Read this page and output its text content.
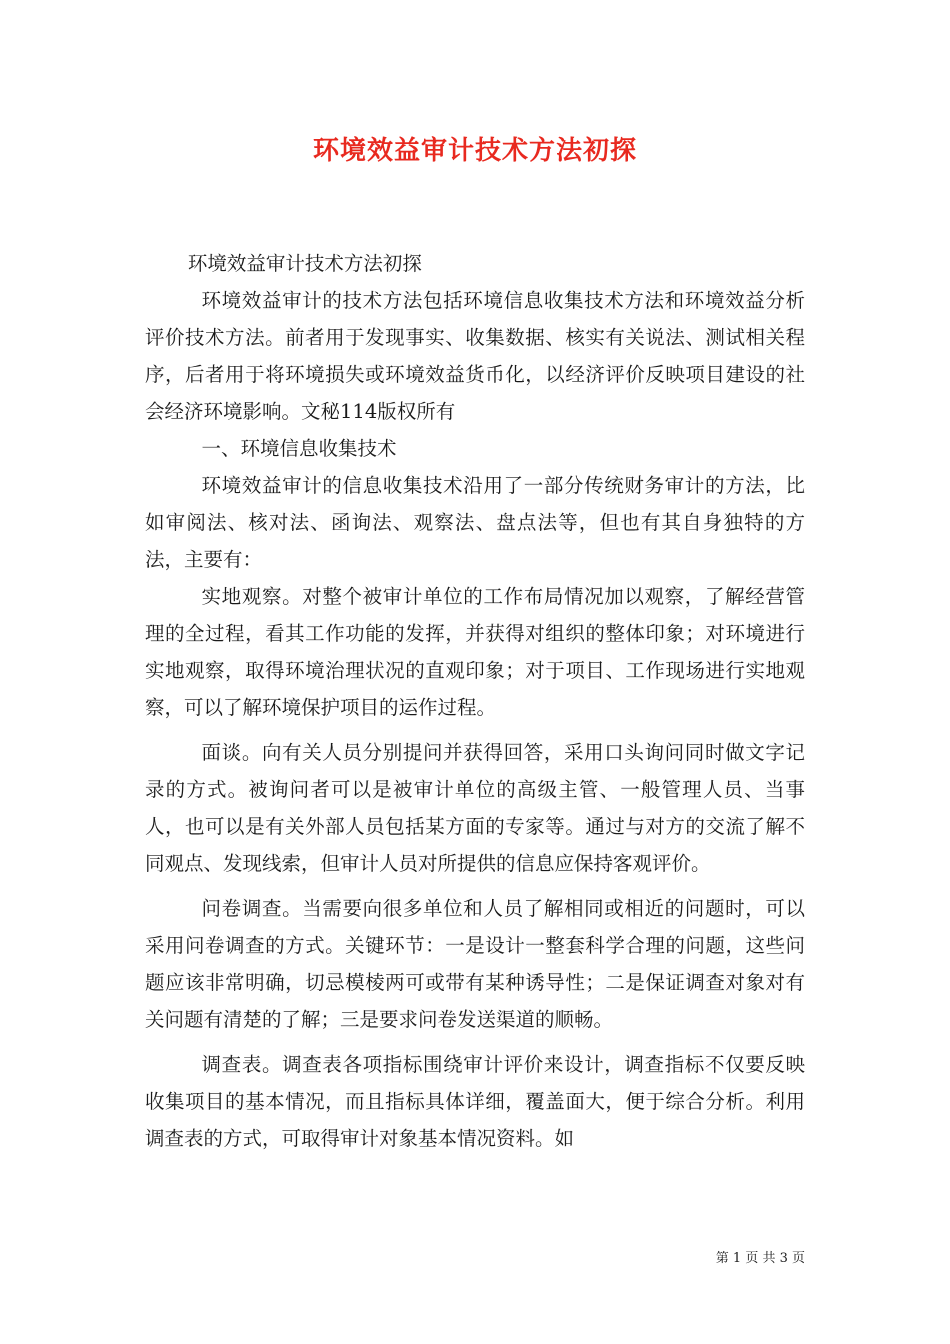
环境效益审计技术方法初探

环境效益审计技术方法初探

环境效益审计的技术方法包括环境信息收集技术方法和环境效益分析评价技术方法。前者用于发现事实、收集数据、核实有关说法、测试相关程序，后者用于将环境损失或环境效益货币化，以经济评价反映项目建设的社会经济环境影响。文秘114版权所有

一、环境信息收集技术

环境效益审计的信息收集技术沿用了一部分传统财务审计的方法，比如审阅法、核对法、函询法、观察法、盘点法等，但也有其自身独特的方法，主要有：

实地观察。对整个被审计单位的工作布局情况加以观察，了解经营管理的全过程，看其工作功能的发挥，并获得对组织的整体印象；对环境进行实地观察，取得环境治理状况的直观印象；对于项目、工作现场进行实地观察，可以了解环境保护项目的运作过程。

面谈。向有关人员分别提问并获得回答，采用口头询问同时做文字记录的方式。被询问者可以是被审计单位的高级主管、一般管理人员、当事人，也可以是有关外部人员包括某方面的专家等。通过与对方的交流了解不同观点、发现线索，但审计人员对所提供的信息应保持客观评价。

问卷调查。当需要向很多单位和人员了解相同或相近的问题时，可以采用问卷调查的方式。关键环节：一是设计一整套科学合理的问题，这些问题应该非常明确，切忌模棱两可或带有某种诱导性；二是保证调查对象对有关问题有清楚的了解；三是要求问卷发送渠道的顺畅。

调查表。调查表各项指标围绕审计评价来设计，调查指标不仅要反映收集项目的基本情况，而且指标具体详细，覆盖面大，便于综合分析。利用调查表的方式，可取得审计对象基本情况资料。如

第 1 页 共 3 页
